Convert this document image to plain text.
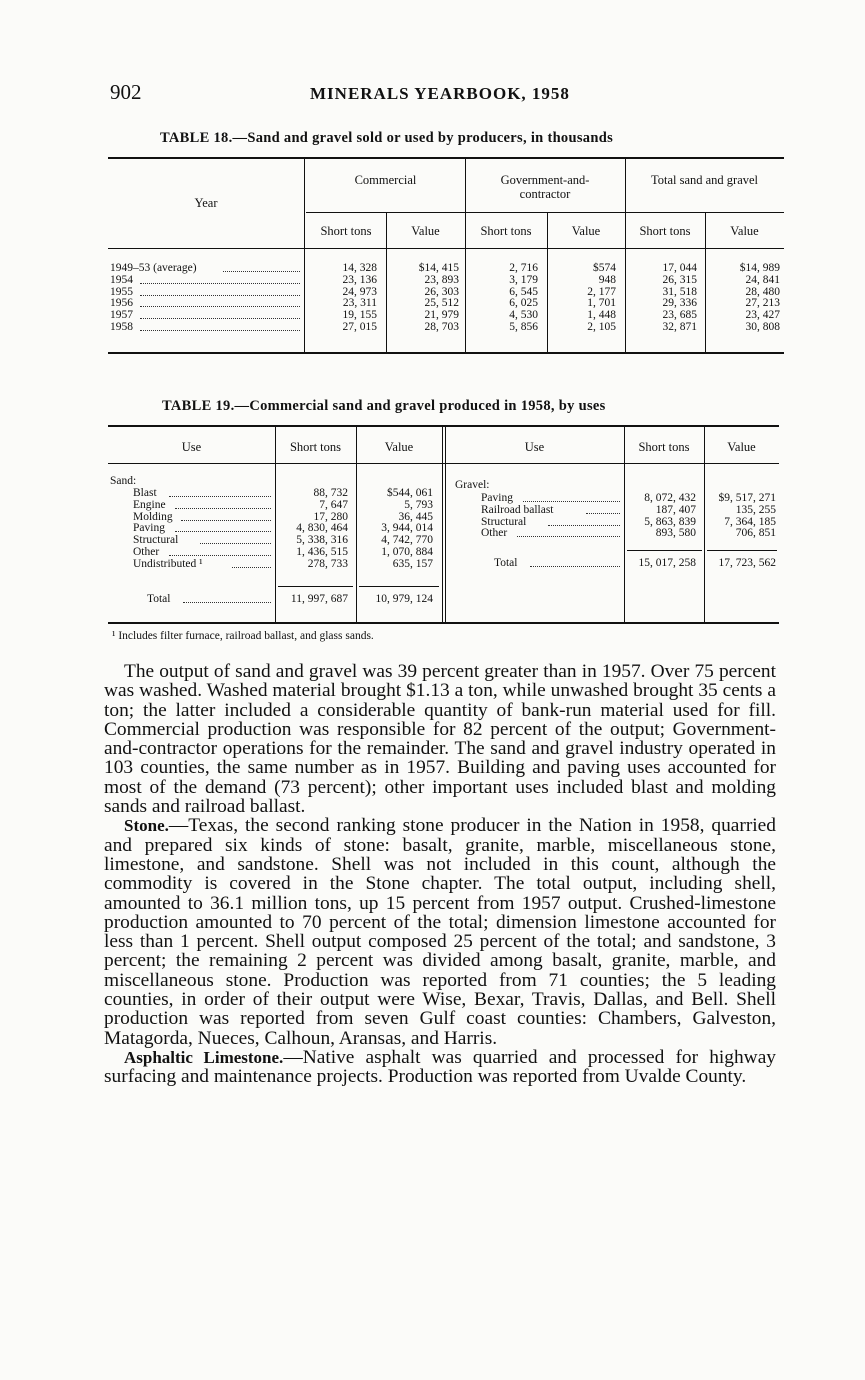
902	MINERALS YEARBOOK, 1958
TABLE 18.—Sand and gravel sold or used by producers, in thousands
TABLE 19.—Commercial sand and gravel produced in 1958, by uses
¹ Includes filter furnace, railroad ballast, and glass sands.

The output of sand and gravel was 39 percent greater than in 1957. Over 75 percent was washed. Washed material brought $1.13 a ton, while unwashed brought 35 cents a ton; the latter included a considerable quantity of bank-run material used for fill. Commercial production was responsible for 82 percent of the output; Government-and-contractor operations for the remainder. The sand and gravel industry operated in 103 counties, the same number as in 1957. Building and paving uses accounted for most of the demand (73 percent); other important uses included blast and molding sands and railroad ballast.

Stone.—Texas, the second ranking stone producer in the Nation in 1958, quarried and prepared six kinds of stone: basalt, granite, marble, miscellaneous stone, limestone, and sandstone. Shell was not included in this count, although the commodity is covered in the Stone chapter. The total output, including shell, amounted to 36.1 million tons, up 15 percent from 1957 output. Crushed-limestone production amounted to 70 percent of the total; dimension limestone accounted for less than 1 percent. Shell output composed 25 percent of the total; and sandstone, 3 percent; the remaining 2 percent was divided among basalt, granite, marble, and miscellaneous stone. Production was reported from 71 counties; the 5 leading counties, in order of their output were Wise, Bexar, Travis, Dallas, and Bell. Shell production was reported from seven Gulf coast counties: Chambers, Galveston, Matagorda, Nueces, Calhoun, Aransas, and Harris.

Asphaltic Limestone.—Native asphalt was quarried and processed for highway surfacing and maintenance projects. Production was reported from Uvalde County.

Year
Commercial	Government-and-contractor
Total sand and gravel
Short tons	Value	Short tons	Value	Short tons	Value
1949–53 (average)	14, 328	$14, 415	2, 716	$574	17, 044	$14, 989
1954	23, 136	23, 893	3, 179	948	26, 315	24, 841
1955	24, 973	26, 303	6, 545	2, 177	31, 518	28, 480
1956	23, 311	25, 512	6, 025	1, 701	29, 336	27, 213
1957	19, 155	21, 979	4, 530	1, 448	23, 685	23, 427
1958	27, 015	28, 703	5, 856	2, 105	32, 871	30, 808
Use	Short tons	Value	Use	Short tons	Value
Sand:
Blast	88, 732	$544, 061
Engine	7, 647	5, 793
Molding	17, 280	36, 445
Paving	4, 830, 464	3, 944, 014
Structural	5, 338, 316	4, 742, 770
Other	1, 436, 515	1, 070, 884
Undistributed ¹	278, 733	635, 157
Total	11, 997, 687	10, 979, 124
Gravel:
Paving	8, 072, 432	$9, 517, 271
Railroad ballast	187, 407	135, 255
Structural	5, 863, 839	7, 364, 185
Other	893, 580	706, 851
Total	15, 017, 258	17, 723, 562
